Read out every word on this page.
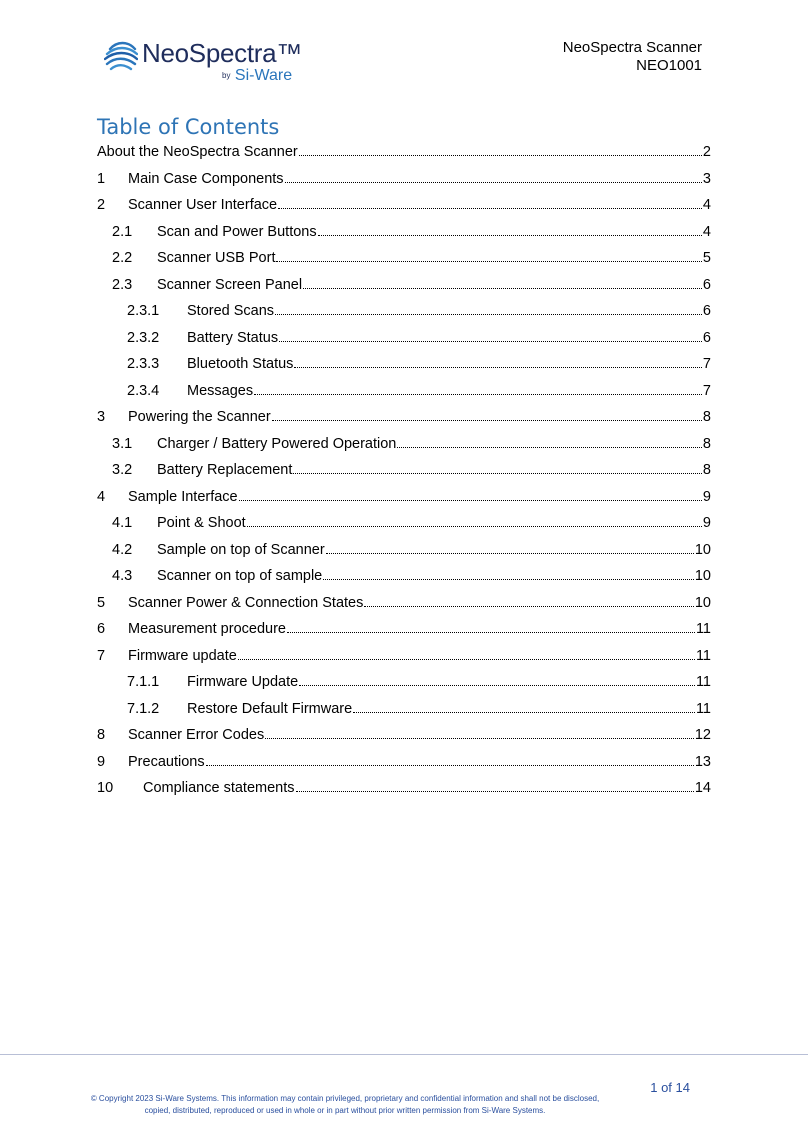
NeoSpectra™
by Si-Ware
NeoSpectra Scanner
NEO1001
Table of Contents
About the NeoSpectra Scanner	2
1	Main Case Components	3
2	Scanner User Interface	4
2.1	Scan and Power Buttons	4
2.2	Scanner USB Port	5
2.3	Scanner Screen Panel	6
2.3.1	Stored Scans	6
2.3.2	Battery Status	6
2.3.3	Bluetooth Status	7
2.3.4	Messages	7
3	Powering the Scanner	8
3.1	Charger / Battery Powered Operation	8
3.2	Battery Replacement	8
4	Sample Interface	9
4.1	Point & Shoot	9
4.2	Sample on top of Scanner	10
4.3	Scanner on top of sample	10
5	Scanner Power & Connection States	10
6	Measurement procedure	11
7	Firmware update	11
7.1.1	Firmware Update	11
7.1.2	Restore Default Firmware	11
8	Scanner Error Codes	12
9	Precautions	13
10	Compliance statements	14
1 of 14
© Copyright 2023 Si-Ware Systems. This information may contain privileged, proprietary and confidential information and shall not be disclosed,
copied, distributed, reproduced or used in whole or in part without prior written permission from Si-Ware Systems.
